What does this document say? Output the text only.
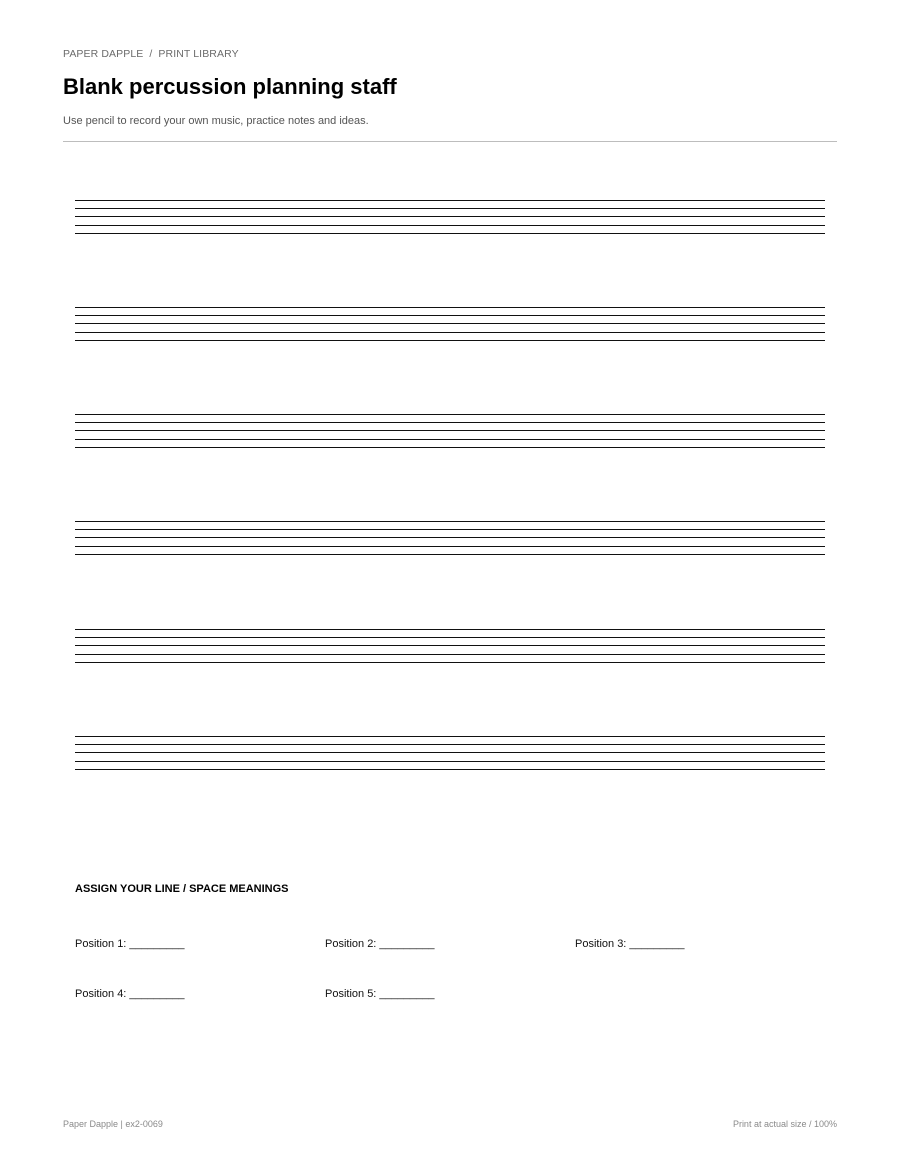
PAPER DAPPLE / PRINT LIBRARY
Blank percussion planning staff
Use pencil to record your own music, practice notes and ideas.
ASSIGN YOUR LINE / SPACE MEANINGS
Position 1: _________	Position 2: _________	Position 3: _________
Position 4: _________	Position 5: _________
Paper Dapple | ex2-0069	Print at actual size / 100%
